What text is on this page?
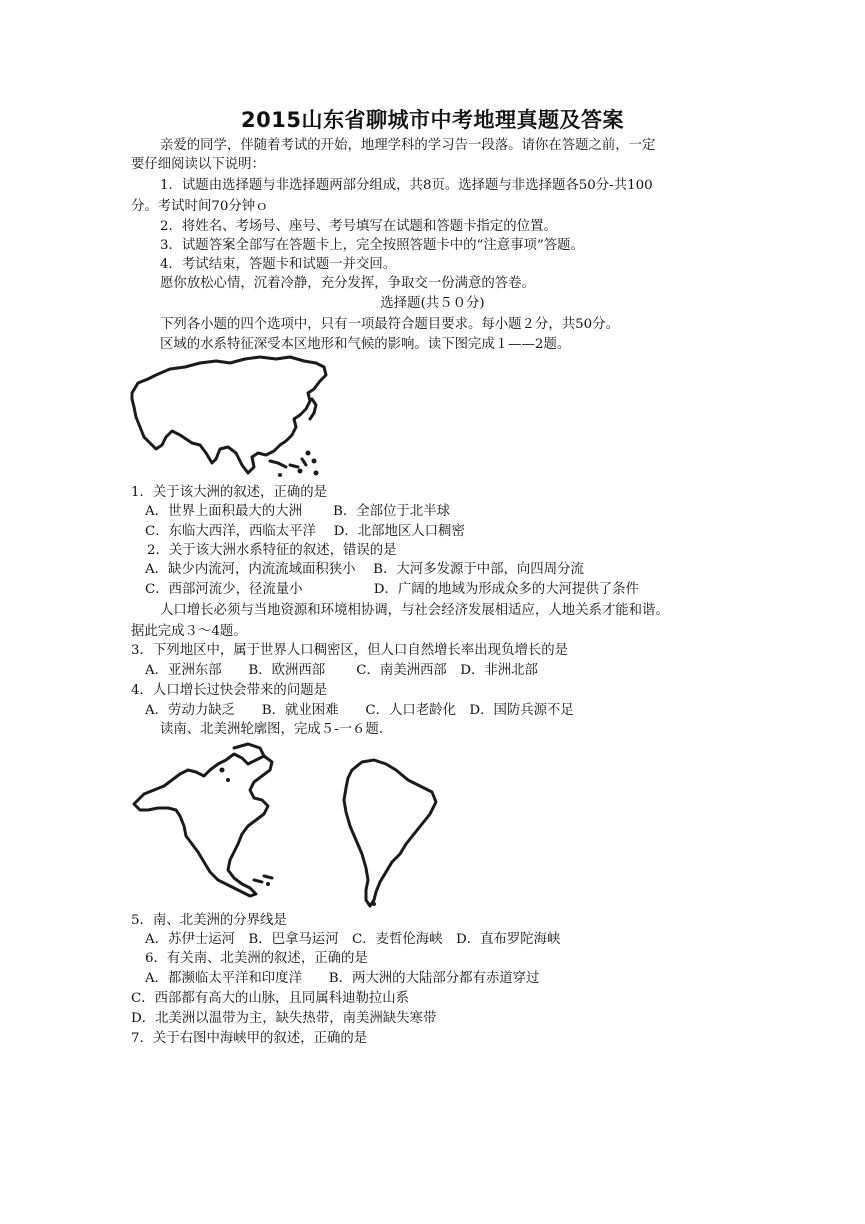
2015山东省聊城市中考地理真题及答案
亲爱的同学，伴随着考试的开始，地理学科的学习告一段落。请你在答题之前，一定
要仔细阅读以下说明：
1．试题由选择题与非选择题两部分组成，共8页。选择题与非选择题各50分-共100
分。考试时间70分钟ｏ
2．将姓名、考场号、座号、考号填写在试题和答题卡指定的位置。
3．试题答案全部写在答题卡上，完全按照答题卡中的“注意事项”答题。
4．考试结束，答题卡和试题一并交回。
愿你放松心情，沉着冷静，充分发挥，争取交一份满意的答卷。
选择题(共５０分)
下列各小题的四个选项中，只有一项最符合题目要求。每小题２分，共50分。
区域的水系特征深受本区地形和气候的影响。读下图完成１——2题。
1．关于该大洲的叙述，正确的是
A．世界上面积最大的大洲　　 B．全部位于北半球
C．东临大西洋，西临太平洋　 D．北部地区人口稠密
2．关于该大洲水系特征的叙述，错误的是
A．缺少内流河，内流流域面积狭小　 B．大河多发源于中部，向四周分流
C．西部河流少，径流量小　　　　　 D．广阔的地域为形成众多的大河提供了条件
人口增长必须与当地资源和环境相协调，与社会经济发展相适应，人地关系才能和谐。
据此完成３～4题。
3．下列地区中，属于世界人口稠密区，但人口自然增长率出现负增长的是
A．亚洲东部　　B．欧洲西部　　 C．南美洲西部　D．非洲北部
4．人口增长过快会带来的问题是
A．劳动力缺乏　　B．就业困难　　C．人口老龄化　D．国防兵源不足
读南、北美洲轮廓图，完成５-一６题.
5．南、北美洲的分界线是
A．苏伊士运河　B．巴拿马运河　C．麦哲伦海峡　D．直布罗陀海峡
6．有关南、北美洲的叙述，正确的是
A．都濒临太平洋和印度洋　　B．两大洲的大陆部分都有赤道穿过
C．西部都有高大的山脉，且同属科迪勒拉山系
D．北美洲以温带为主，缺失热带，南美洲缺失寒带
7．关于右图中海峡甲的叙述，正确的是
